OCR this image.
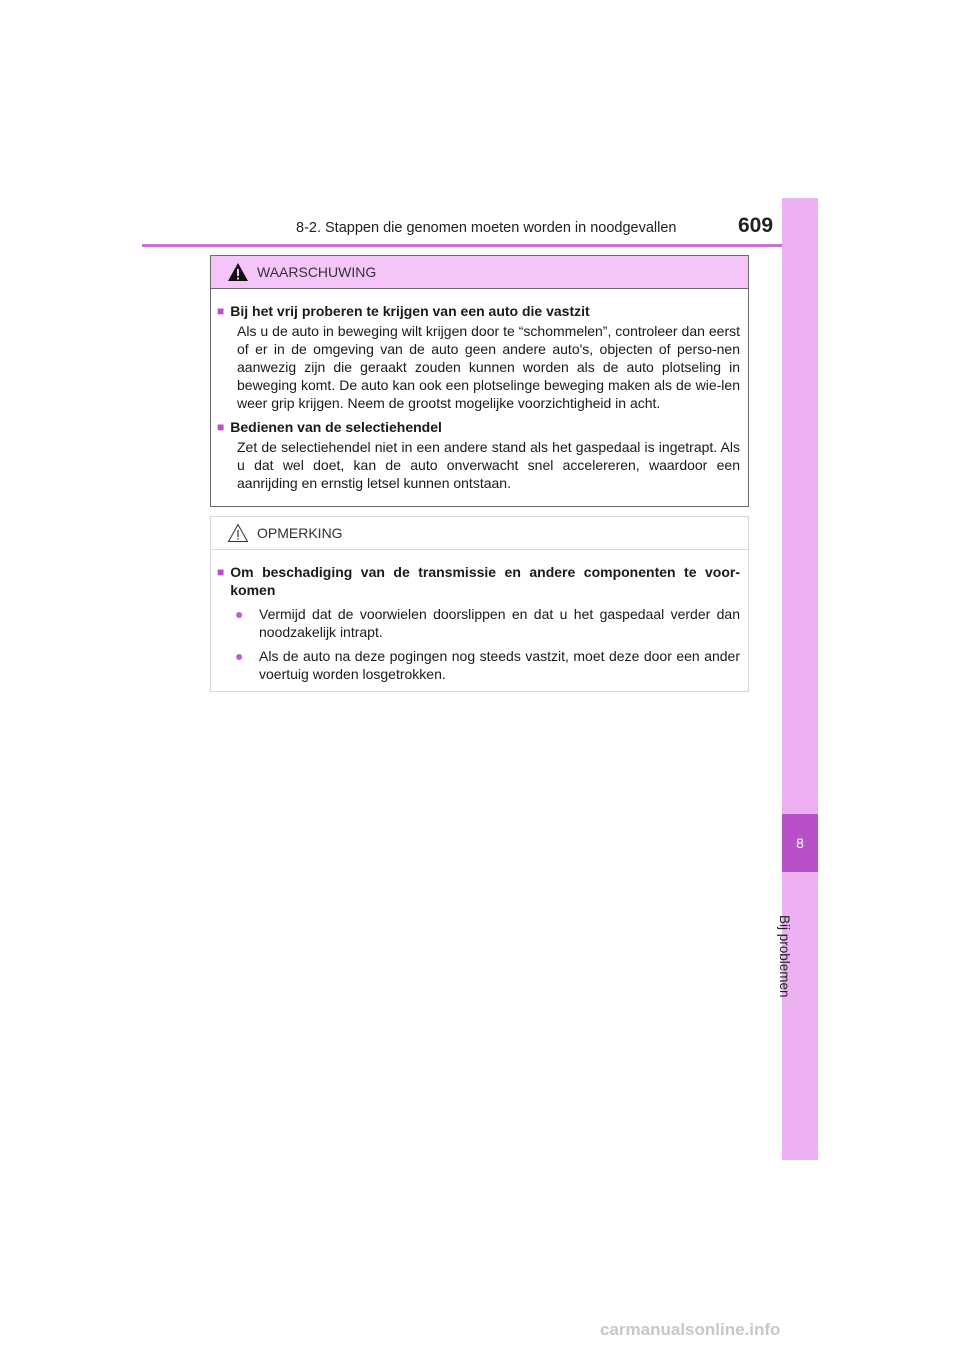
8-2. Stappen die genomen moeten worden in noodgevallen	609
8
Bij problemen
WAARSCHUWING
■ Bij het vrij proberen te krijgen van een auto die vastzit
Als u de auto in beweging wilt krijgen door te “schommelen”, controleer dan eerst of er in de omgeving van de auto geen andere auto's, objecten of perso-nen aanwezig zijn die geraakt zouden kunnen worden als de auto plotseling in beweging komt. De auto kan ook een plotselinge beweging maken als de wie-len weer grip krijgen. Neem de grootst mogelijke voorzichtigheid in acht.
■ Bedienen van de selectiehendel
Zet de selectiehendel niet in een andere stand als het gaspedaal is ingetrapt. Als u dat wel doet, kan de auto onverwacht snel accelereren, waardoor een aanrijding en ernstig letsel kunnen ontstaan.
OPMERKING
■ Om beschadiging van de transmissie en andere componenten te voor-komen
●	Vermijd dat de voorwielen doorslippen en dat u het gaspedaal verder dan noodzakelijk intrapt.
●	Als de auto na deze pogingen nog steeds vastzit, moet deze door een ander voertuig worden losgetrokken.
carmanualsonline.info
